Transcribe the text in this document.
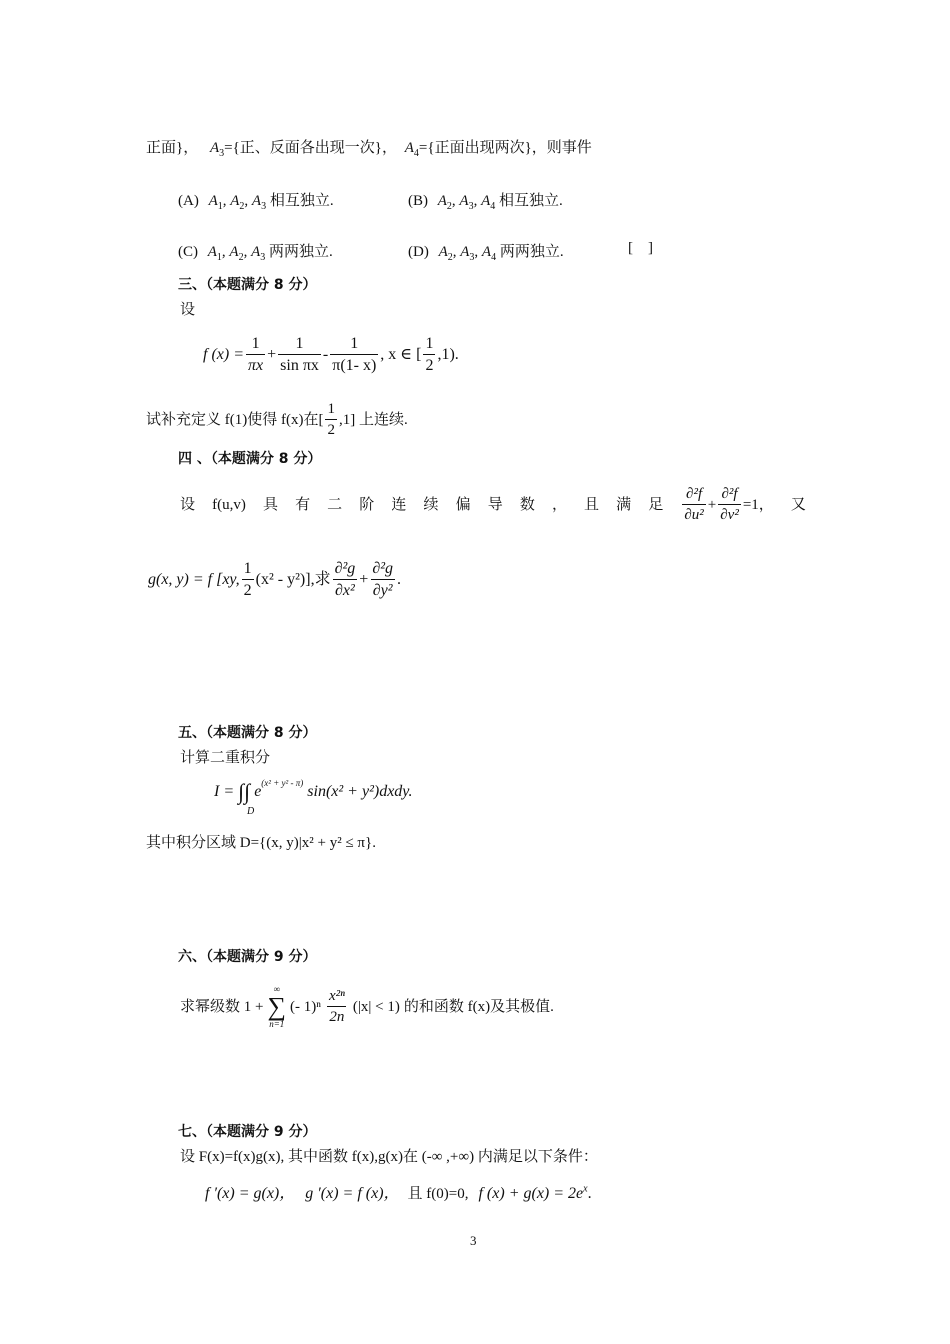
正面}， $A_3=${正、反面各出现一次}， $A_4=${正面出现两次}，则事件
(A) $A_1$, $A_2$, $A_3$ 相互独立.	(B) $A_2$, $A_3$, $A_4$ 相互独立.
(C) $A_1$, $A_2$, $A_3$ 两两独立.	(D) $A_2$, $A_3$, $A_4$ 两两独立.	[    ]
三、（本题满分 8 分）
设
f $(x) = \frac{1}{\pi x} + \frac{1}{\text{sin πx}} - \frac{1}{\pi(1- x)}$ , x ∈ [ $\frac{1}{2} ,1$).
试补充定义 f(1)使得 f(x)在[ $\frac{1}{2} ,1$] 上连续.
四 、（本题满分 8 分）
设 f(u,v) 具 有 二 阶 连 续 偏 导 数 ， 且 满 足 $\frac{\text{∂²f}}{\text{∂u²}} + \frac{\text{∂²f}}{\text{∂v²}} =1$， 又
g(x, y) = f [xy, $\frac{1}{2} (x^2 - y^2)$],求 $\frac{\text{∂²g}}{\text{∂x²}} + \frac{\text{∂²g}}{\text{∂y²}}$ .
五、（本题满分 8 分）
计算二重积分
I = ∫∫ $e^{(x^2 + y^2 - \pi)}$ sin(x² + y²)dxdy.
D
其中积分区域 D={(x, y)|x² + y² ≤ π}.
六、（本题满分 9 分）
求幂级数 1 +
∞
∑
n=1
(- $1)^n \frac{\text{x²ⁿ}}{2n} (|x| < 1)$ 的和函数 f(x)及其极值.
七、（本题满分 9 分）
设 F(x)=f(x)g(x), 其中函数 f(x),g(x)在 (-∞ ,+∞) 内满足以下条件：
f ′(x) = g(x)， g ′(x) = f (x)， 且 f(0)=0, f $(x) + g(x) = 2e^x$.
3
